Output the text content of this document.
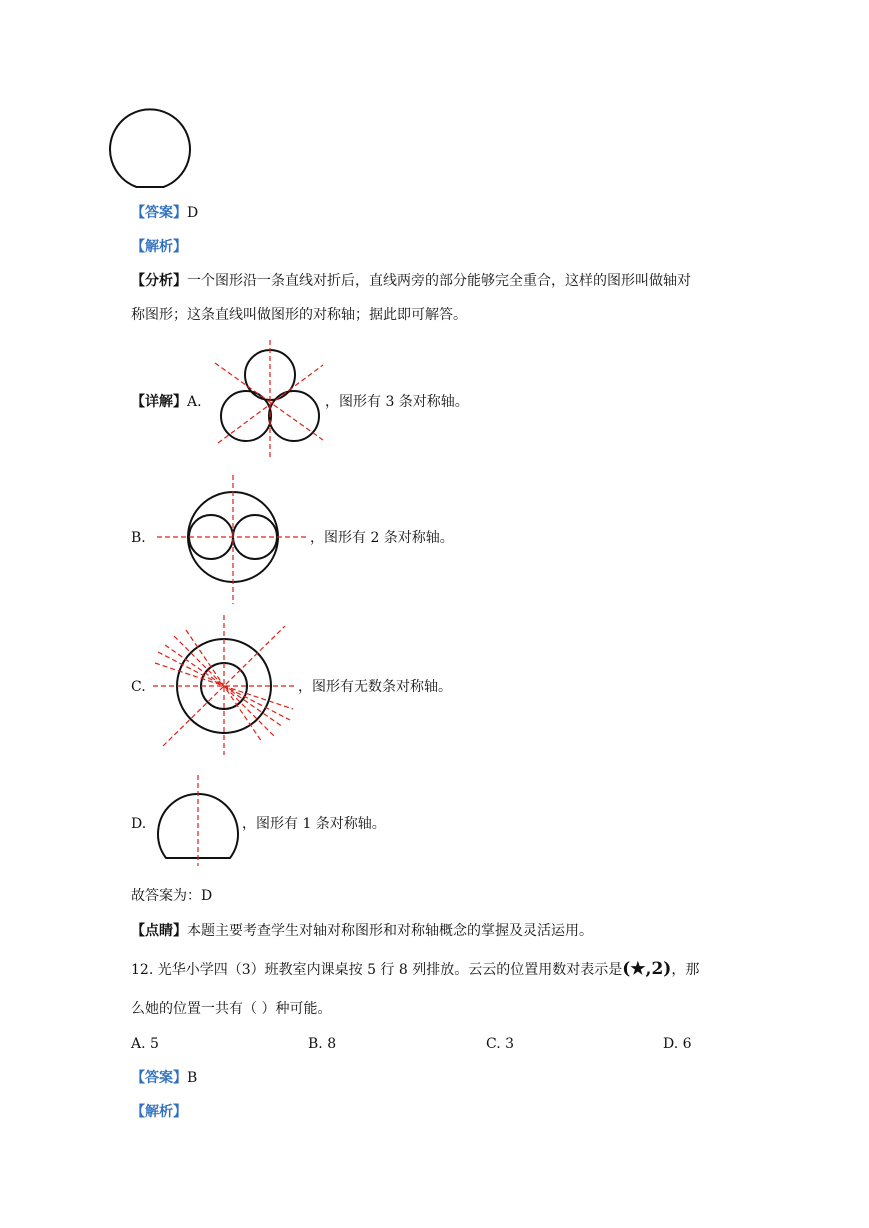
【答案】D
【解析】
【分析】一个图形沿一条直线对折后，直线两旁的部分能够完全重合，这样的图形叫做轴对
称图形；这条直线叫做图形的对称轴；据此即可解答。
【详解】A.	，图形有 3 条对称轴。
B.	，图形有 2 条对称轴。
C.	，图形有无数条对称轴。
D.	，图形有 1 条对称轴。
故答案为：D
【点睛】本题主要考查学生对轴对称图形和对称轴概念的掌握及灵活运用。
12. 光华小学四（3）班教室内课桌按 5 行 8 列排放。云云的位置用数对表示是(★,2)，那
么她的位置一共有（ ）种可能。
A. 5	B. 8	C. 3	D. 6
【答案】B
【解析】
